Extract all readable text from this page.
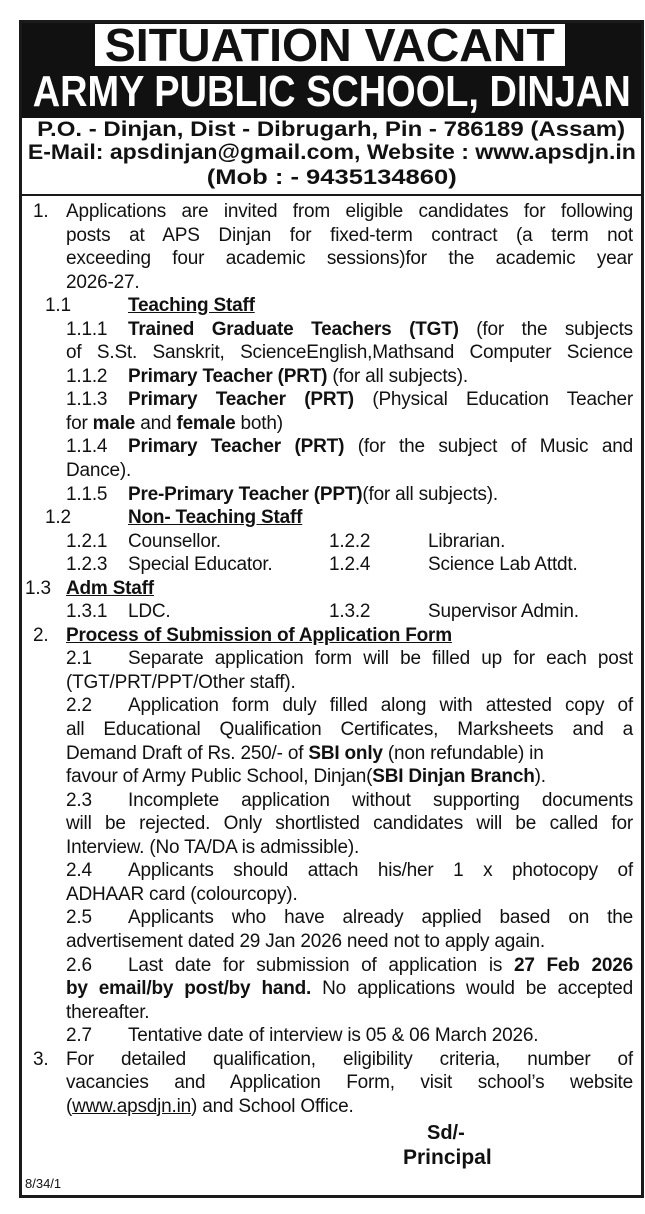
SITUATION VACANT
ARMY PUBLIC SCHOOL, DINJAN
P.O. - Dinjan, Dist - Dibrugarh, Pin - 786189 (Assam)
E-Mail: apsdinjan@gmail.com, Website : www.apsdjn.in
(Mob : - 9435134860)
1. Applications are invited from eligible candidates for following
posts at APS Dinjan for fixed-term contract (a term not
exceeding four academic sessions)for the academic year
2026-27.
1.1	Teaching Staff
1.1.1 Trained Graduate Teachers (TGT) (for the subjects
of S.St. Sanskrit, ScienceEnglish,Mathsand Computer Science
1.1.2 Primary Teacher (PRT) (for all subjects).
1.1.3 Primary Teacher (PRT) (Physical Education Teacher
for male and female both)
1.1.4 Primary Teacher (PRT) (for the subject of Music and
Dance).
1.1.5 Pre-Primary Teacher (PPT)(for all subjects).
1.2	Non- Teaching Staff
1.2.1 Counsellor.	1.2.2	Librarian.
1.2.3 Special Educator.	1.2.4	Science Lab Attdt.
1.3 Adm Staff
1.3.1 LDC.	1.3.2	Supervisor Admin.
2. Process of Submission of Application Form
2.1 Separate application form will be filled up for each post
(TGT/PRT/PPT/Other staff).
2.2 Application form duly filled along with attested copy of
all Educational Qualification Certificates, Marksheets and a
Demand Draft of Rs. 250/- of SBI only (non refundable) in
favour of Army Public School, Dinjan(SBI Dinjan Branch).
2.3 Incomplete application without supporting documents
will be rejected. Only shortlisted candidates will be called for
Interview. (No TA/DA is admissible).
2.4 Applicants should attach his/her 1 x photocopy of
ADHAAR card (colourcopy).
2.5 Applicants who have already applied based on the
advertisement dated 29 Jan 2026 need not to apply again.
2.6 Last date for submission of application is 27 Feb 2026
by email/by post/by hand. No applications would be accepted
thereafter.
2.7 Tentative date of interview is 05 & 06 March 2026.
3. For detailed qualification, eligibility criteria, number of
vacancies and Application Form, visit school’s website
(www.apsdjn.in) and School Office.
Sd/-
Principal
8/34/1
